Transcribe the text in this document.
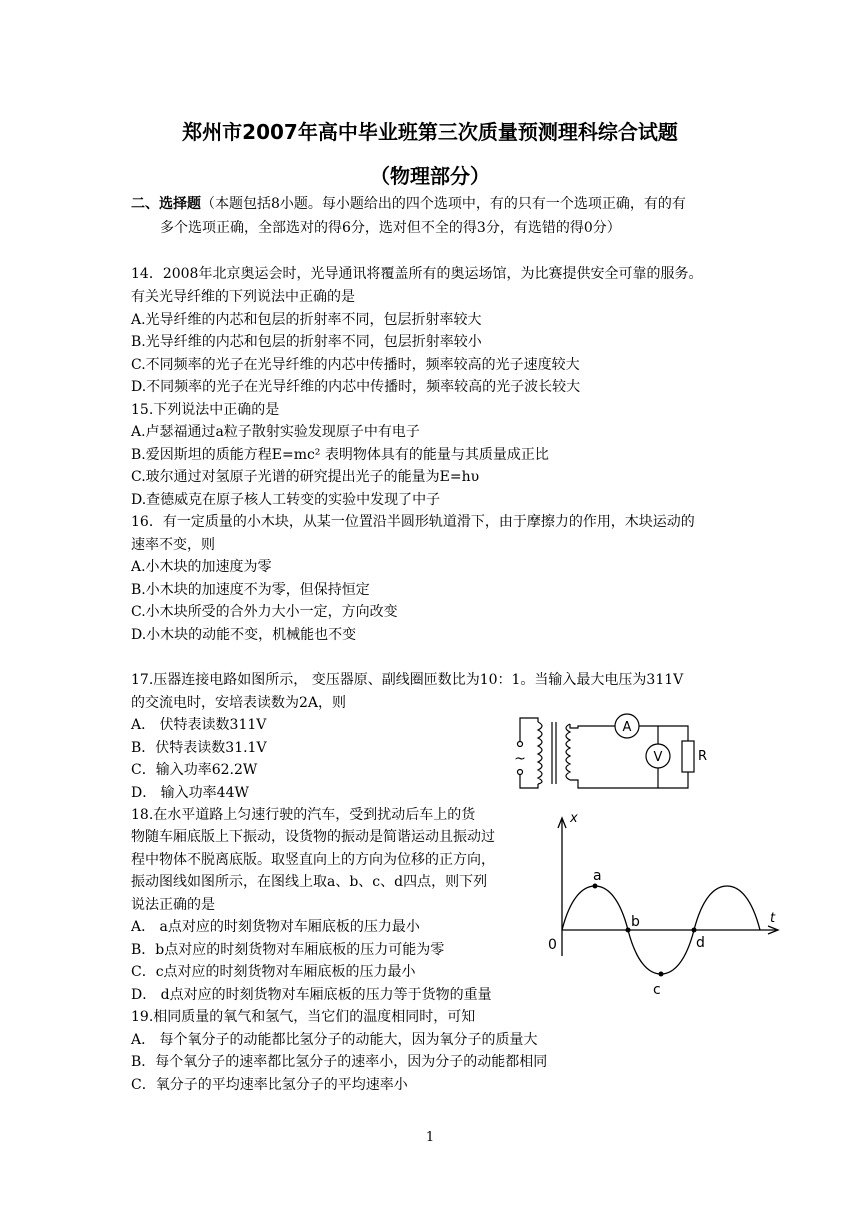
郑州市2007年高中毕业班第三次质量预测理科综合试题
（物理部分）
二、选择题（本题包括8小题。每小题给出的四个选项中，有的只有一个选项正确，有的有
多个选项正确，全部选对的得6分，选对但不全的得3分，有选错的得0分）
14．2008年北京奥运会时，光导通讯将覆盖所有的奥运场馆，为比赛提供安全可靠的服务。
有关光导纤维的下列说法中正确的是
A.光导纤维的内芯和包层的折射率不同，包层折射率较大
B.光导纤维的内芯和包层的折射率不同，包层折射率较小
C.不同频率的光子在光导纤维的内芯中传播时，频率较高的光子速度较大
D.不同频率的光子在光导纤维的内芯中传播时，频率较高的光子波长较大
15.下列说法中正确的是
A.卢瑟福通过a粒子散射实验发现原子中有电子
B.爱因斯坦的质能方程E=mc² 表明物体具有的能量与其质量成正比
C.玻尔通过对氢原子光谱的研究提出光子的能量为E=hυ
D.查德威克在原子核人工转变的实验中发现了中子
16．有一定质量的小木块，从某一位置沿半圆形轨道滑下，由于摩擦力的作用，木块运动的
速率不变，则
A.小木块的加速度为零
B.小木块的加速度不为零，但保持恒定
C.小木块所受的合外力大小一定，方向改变
D.小木块的动能不变，机械能也不变
17.压器连接电路如图所示， 变压器原、副线圈匝数比为10：1。当输入最大电压为311V
的交流电时，安培表读数为2A，则
A． 伏特表读数311V
B．伏特表读数31.1V
C．输入功率62.2W
D． 输入功率44W
A
V	R
~
18.在水平道路上匀速行驶的汽车，受到扰动后车上的货
物随车厢底版上下振动，设货物的振动是简谐运动且振动过
程中物体不脱离底版。取竖直向上的方向为位移的正方向，
振动图线如图所示，在图线上取a、b、c、d四点，则下列
说法正确的是
A． a点对应的时刻货物对车厢底板的压力最小
B．b点对应的时刻货物对车厢底板的压力可能为零
C．c点对应的时刻货物对车厢底板的压力最小
D． d点对应的时刻货物对车厢底板的压力等于货物的重量
x
t
0
a
b
c
d
19.相同质量的氧气和氢气，当它们的温度相同时，可知
A． 每个氧分子的动能都比氢分子的动能大，因为氧分子的质量大
B．每个氧分子的速率都比氢分子的速率小，因为分子的动能都相同
C．氧分子的平均速率比氢分子的平均速率小
1
